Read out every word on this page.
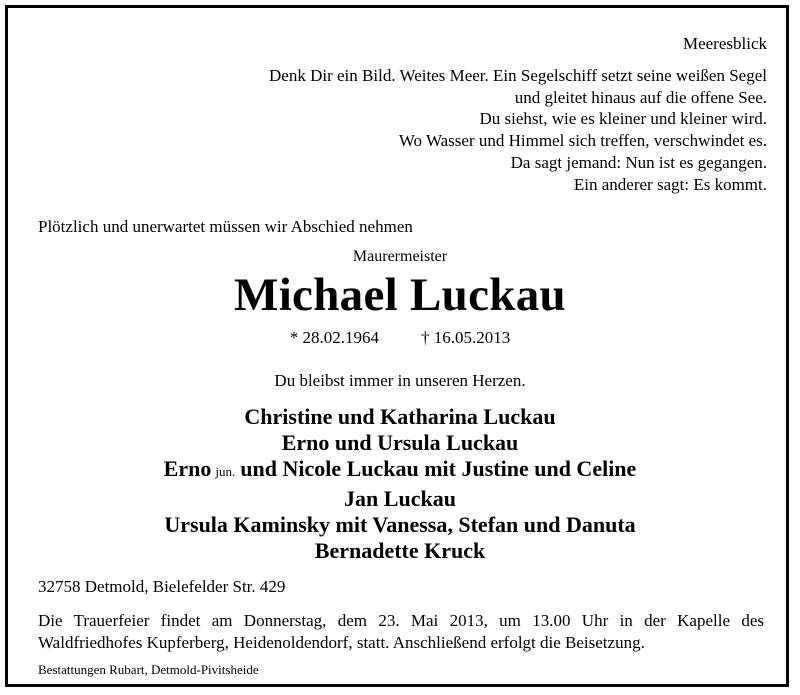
Meeresblick
Denk Dir ein Bild. Weites Meer. Ein Segelschiff setzt seine weißen Segel
und gleitet hinaus auf die offene See.
Du siehst, wie es kleiner und kleiner wird.
Wo Wasser und Himmel sich treffen, verschwindet es.
Da sagt jemand: Nun ist es gegangen.
Ein anderer sagt: Es kommt.
Plötzlich und unerwartet müssen wir Abschied nehmen
Maurermeister
Michael Luckau
* 28.02.1964 † 16.05.2013
Du bleibst immer in unseren Herzen.
Christine und Katharina Luckau
Erno und Ursula Luckau
Erno jun. und Nicole Luckau mit Justine und Celine
Jan Luckau
Ursula Kaminsky mit Vanessa, Stefan und Danuta
Bernadette Kruck
32758 Detmold, Bielefelder Str. 429
Die Trauerfeier findet am Donnerstag, dem 23. Mai 2013, um 13.00 Uhr in der Kapelle des
Waldfriedhofes Kupferberg, Heidenoldendorf, statt. Anschließend erfolgt die Beisetzung.
Bestattungen Rubart, Detmold-Pivitsheide
